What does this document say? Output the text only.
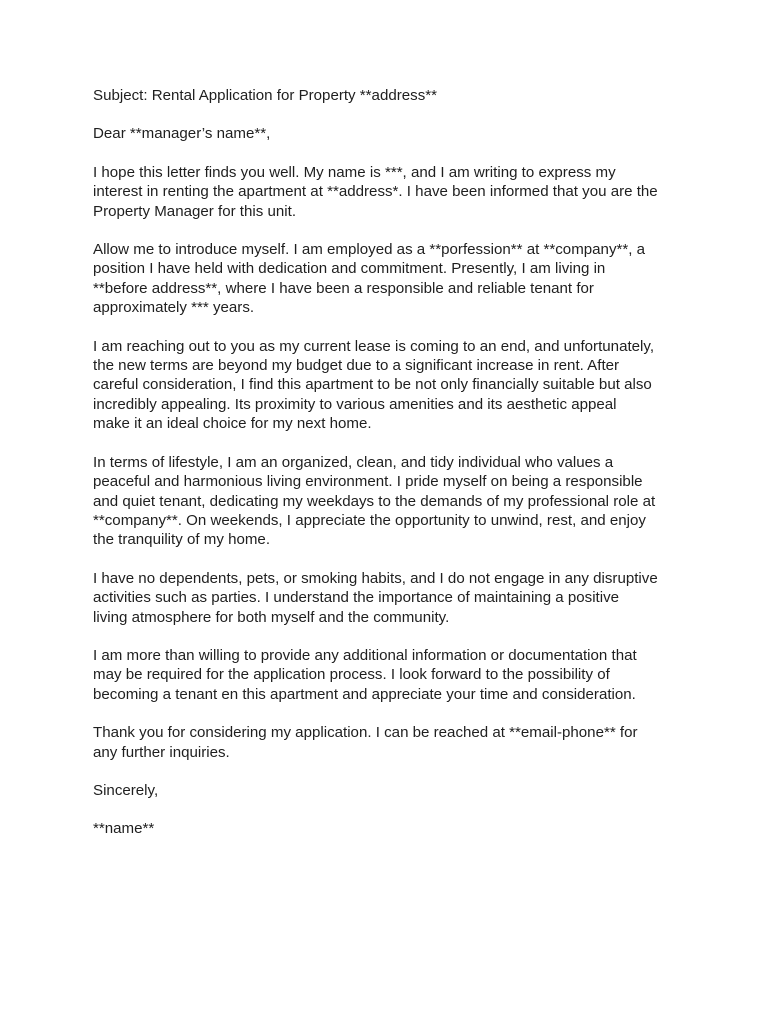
Subject: Rental Application for Property **address**

Dear **manager’s name**,

I hope this letter finds you well. My name is ***, and I am writing to express my
interest in renting the apartment at **address*. I have been informed that you are the
Property Manager for this unit.

Allow me to introduce myself. I am employed as a **porfession** at **company**, a
position I have held with dedication and commitment. Presently, I am living in
**before address**, where I have been a responsible and reliable tenant for
approximately *** years.

I am reaching out to you as my current lease is coming to an end, and unfortunately,
the new terms are beyond my budget due to a significant increase in rent. After
careful consideration, I find this apartment to be not only financially suitable but also
incredibly appealing. Its proximity to various amenities and its aesthetic appeal
make it an ideal choice for my next home.

In terms of lifestyle, I am an organized, clean, and tidy individual who values a
peaceful and harmonious living environment. I pride myself on being a responsible
and quiet tenant, dedicating my weekdays to the demands of my professional role at
**company**. On weekends, I appreciate the opportunity to unwind, rest, and enjoy
the tranquility of my home.

I have no dependents, pets, or smoking habits, and I do not engage in any disruptive
activities such as parties. I understand the importance of maintaining a positive
living atmosphere for both myself and the community.

I am more than willing to provide any additional information or documentation that
may be required for the application process. I look forward to the possibility of
becoming a tenant en this apartment and appreciate your time and consideration.

Thank you for considering my application. I can be reached at **email-phone** for
any further inquiries.

Sincerely,

**name**
